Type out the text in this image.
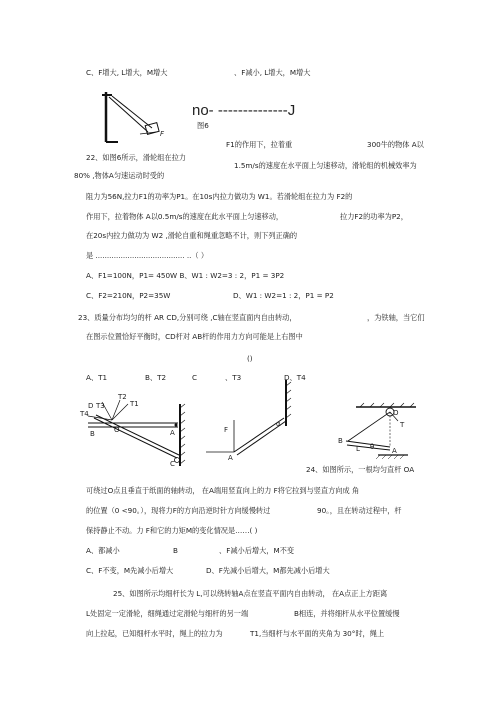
C、F增大, L增大，M增大	、F减小, L增大，M增大
F
no- --------------J
图6
F1的作用下，拉着重	300牛的物体 A以
22、如图6所示，滑轮组在拉力
1.5m/s的速度在水平面上匀速移动，滑轮组的机械效率为
80% ,物体A匀速运动时受的
阻力为56N,拉力F1的功率为P1。在10s内拉力做功为 W1。若滑轮组在拉力为 F2的
作用下，拉着物体 A以0.5m/s的速度在此水平面上匀速移动，	拉力F2的功率为P2，
在20s内拉力做功为 W2 ,滑轮自重和绳重忽略不计，则下列正确的
是 ....................................... ..（ ）
A、F1=100N，P1= 450W B、W1 : W2=3 : 2，P1 = 3P2
C、F2=210N，P2=35W	D、W1 : W2=1 : 2，P1 = P2
23、质量分布均匀的杆 AR CD,分别可绕 ,C轴在竖直面内自由转动，	，为铁轴，当它们
在图示位置恰好平衡时，CD杆对 AB杆的作用力方向可能是上右图中
()
A、T1	B、T2	C	、T3	D、T4
D T3
T2
T1
T4
B	O	A
C
F
A
α
O
T
B
L θ	A
24、如图所示，一根均匀直杆 OA
可绕过O点且垂直于纸面的轴转动， 在A端用竖直向上的力 F将它拉到与竖直方向成 角
的位置（0 <90。），现将力F的方向沿逆时针方向缓慢转过	90。，且在转动过程中，杆
保持静止不动。力 F和它的力矩M的变化情况是……( )
A、都减小	B	、F减小后增大，M不变
C、F不变，M先减小后增大	D、F先减小后增大，M都先减小后增大
25、如图所示均细杆长为 L,可以绕转轴A点在竖直平面内自由转动， 在A点正上方距离
L处固定一定滑轮，细绳通过定滑轮与细杆的另一端	B相连，并将细杆从水平位置缓慢
向上拉起，已知细杆水平时，绳上的拉力为	T1,当细杆与水平面的夹角为 30°时，绳上
